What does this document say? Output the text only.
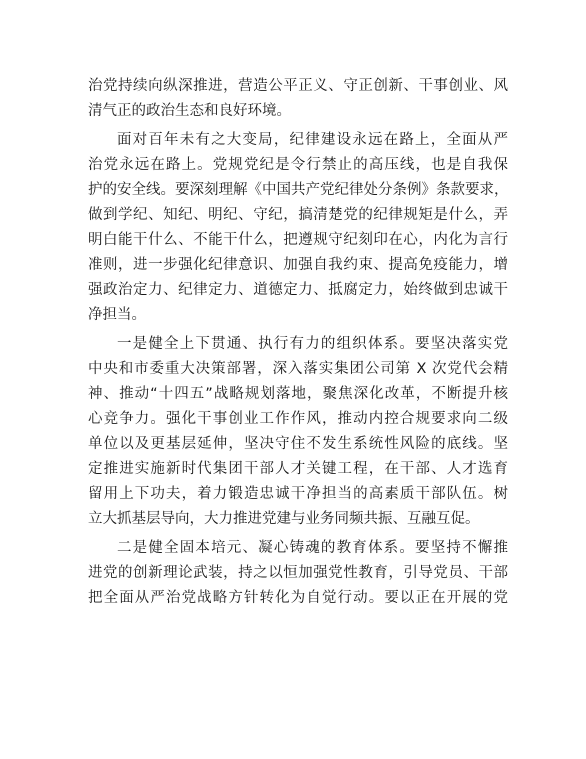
治党持续向纵深推进，营造公平正义、守正创新、干事创业、风
清气正的政治生态和良好环境。

面对百年未有之大变局，纪律建设永远在路上，全面从严
治党永远在路上。党规党纪是令行禁止的高压线，也是自我保
护的安全线。要深刻理解《中国共产党纪律处分条例》条款要求，
做到学纪、知纪、明纪、守纪，搞清楚党的纪律规矩是什么，弄
明白能干什么、不能干什么，把遵规守纪刻印在心，内化为言行
准则，进一步强化纪律意识、加强自我约束、提高免疫能力，增
强政治定力、纪律定力、道德定力、抵腐定力，始终做到忠诚干
净担当。

一是健全上下贯通、执行有力的组织体系。要坚决落实党
中央和市委重大决策部署，深入落实集团公司第 X 次党代会精
神、推动“十四五”战略规划落地，聚焦深化改革，不断提升核
心竞争力。强化干事创业工作作风，推动内控合规要求向二级
单位以及更基层延伸，坚决守住不发生系统性风险的底线。坚
定推进实施新时代集团干部人才关键工程，在干部、人才选育
留用上下功夫，着力锻造忠诚干净担当的高素质干部队伍。树
立大抓基层导向，大力推进党建与业务同频共振、互融互促。

二是健全固本培元、凝心铸魂的教育体系。要坚持不懈推
进党的创新理论武装，持之以恒加强党性教育，引导党员、干部
把全面从严治党战略方针转化为自觉行动。要以正在开展的党
